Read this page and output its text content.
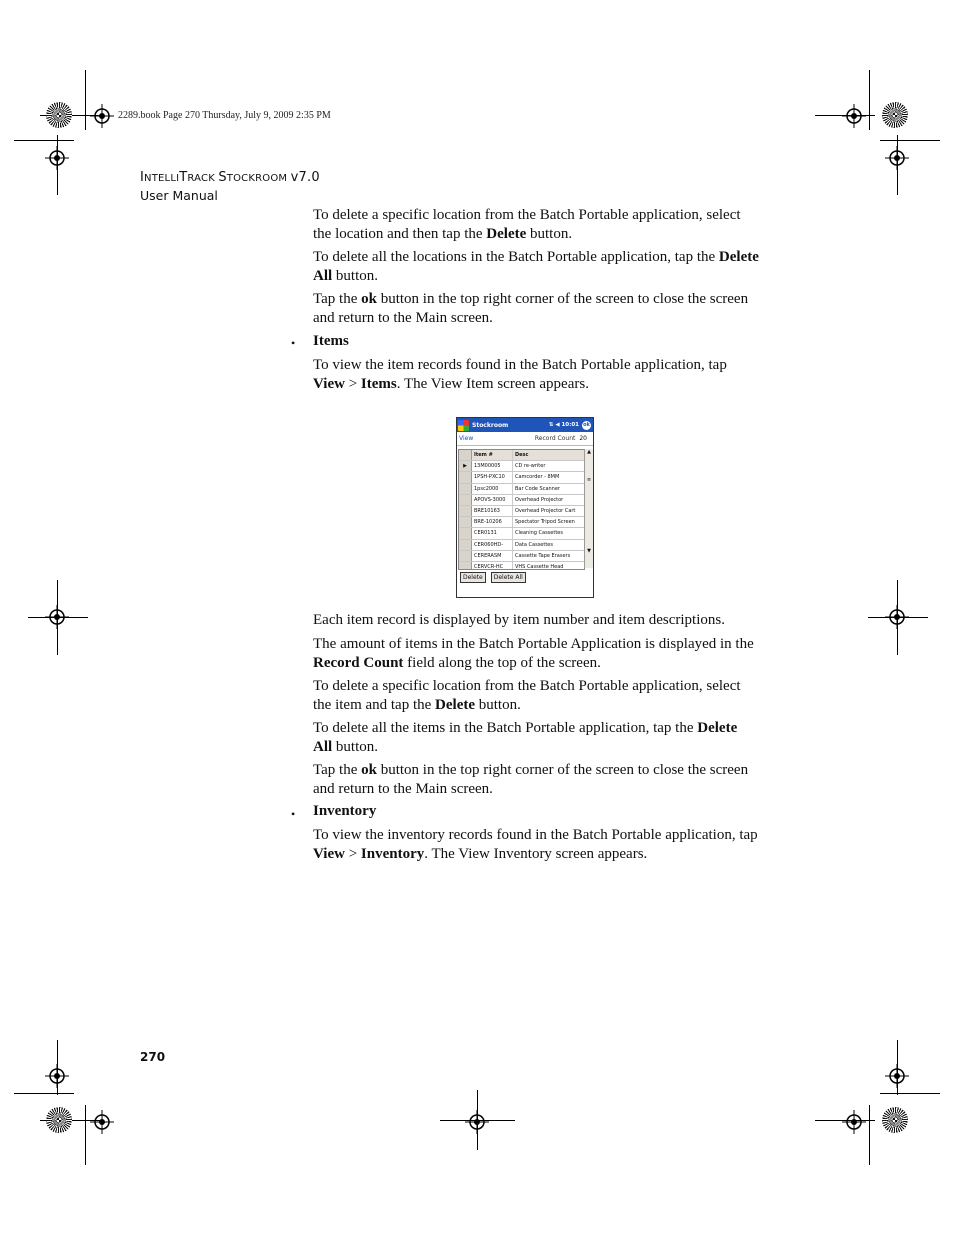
2289.book Page 270 Thursday, July 9, 2009 2:35 PM
INTELLITRACK STOCKROOM v7.0
User Manual
To delete a specific location from the Batch Portable application, select the location and then tap the Delete button.
To delete all the locations in the Batch Portable application, tap the Delete All button.
Tap the ok button in the top right corner of the screen to close the screen and return to the Main screen.
• Items
To view the item records found in the Batch Portable application, tap View > Items. The View Item screen appears.
Stockroom	⇅ ◀ 10:01 ok
View	Record Count 20
Item #	Desc
▶	13M00005	CD re-writer
1PSH-PXC10	Camcorder - 8MM
1psc2000	Bar Code Scanner
APOVS-3000	Overhead Projector
BRE10163	Overhead Projector Cart
BRE-10206	Spectator Tripod Screen
CER0131	Cleaning Cassettes
CER060HD-	Data Cassettes
CERERASM	Cassette Tape Erasers
CERVCR-HC	VHS Cassette Head
▲
≡
▼
Delete	Delete All
Each item record is displayed by item number and item descriptions.
The amount of items in the Batch Portable Application is displayed in the Record Count field along the top of the screen.
To delete a specific location from the Batch Portable application, select the item and tap the Delete button.
To delete all the items in the Batch Portable application, tap the Delete All button.
Tap the ok button in the top right corner of the screen to close the screen and return to the Main screen.
• Inventory
To view the inventory records found in the Batch Portable application, tap View > Inventory. The View Inventory screen appears.
270
